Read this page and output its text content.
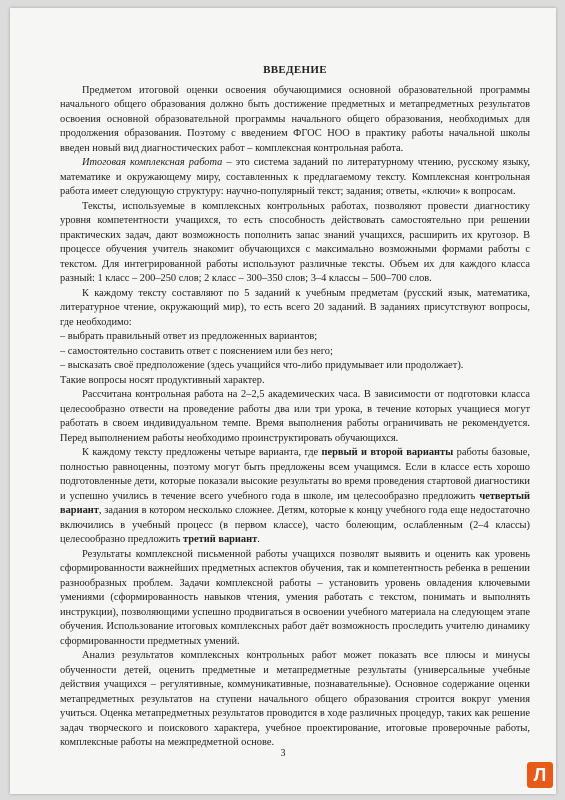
ВВЕДЕНИЕ

Предметом итоговой оценки освоения обучающимися основной образовательной программы начального общего образования должно быть достижение предметных и метапредметных результатов освоения основной образовательной программы начального общего образования, необходимых для продолжения образования. Поэтому с введением ФГОС НОО в практику работы начальной школы введен новый вид диагностических работ – комплексная контрольная работа.

Итоговая комплексная работа – это система заданий по литературному чтению, русскому языку, математике и окружающему миру, составленных к предлагаемому тексту. Комплексная контрольная работа имеет следующую структуру: научно-популярный текст; задания; ответы, «ключи» к вопросам.

Тексты, используемые в комплексных контрольных работах, позволяют провести диагностику уровня компетентности учащихся, то есть способность действовать самостоятельно при решении практических задач, дают возможность пополнить запас знаний учащихся, расширить их кругозор. В процессе обучения учитель знакомит обучающихся с максимально возможными формами работы с текстом. Для интегрированной работы используют различные тексты. Объем их для каждого класса разный: 1 класс – 200–250 слов; 2 класс – 300–350 слов; 3–4 классы – 500–700 слов.

К каждому тексту составляют по 5 заданий к учебным предметам (русский язык, математика, литературное чтение, окружающий мир), то есть всего 20 заданий. В заданиях присутствуют вопросы, где необходимо:

– выбрать правильный ответ из предложенных вариантов;

– самостоятельно составить ответ с пояснением или без него;

– высказать своё предположение (здесь учащийся что-либо придумывает или продолжает).

Такие вопросы носят продуктивный характер.

Рассчитана контрольная работа на 2–2,5 академических часа. В зависимости от подготовки класса целесообразно отвести на проведение работы два или три урока, в течение которых учащиеся могут работать в своем индивидуальном темпе. Время выполнения работы ограничивать не рекомендуется. Перед выполнением работы необходимо проинструктировать обучающихся.

К каждому тексту предложены четыре варианта, где первый и второй варианты работы базовые, полностью равноценны, поэтому могут быть предложены всем учащимся. Если в классе есть хорошо подготовленные дети, которые показали высокие результаты во время проведения стартовой диагностики и успешно учились в течение всего учебного года в школе, им целесообразно предложить четвертый вариант, задания в котором несколько сложнее. Детям, которые к концу учебного года еще недостаточно включились в учебный процесс (в первом классе), часто болеющим, ослабленным (2–4 классы) целесообразно предложить третий вариант.

Результаты комплексной письменной работы учащихся позволят выявить и оценить как уровень сформированности важнейших предметных аспектов обучения, так и компетентность ребенка в решении разнообразных проблем. Задачи комплексной работы – установить уровень овладения ключевыми умениями (сформированность навыков чтения, умения работать с текстом, понимать и выполнять инструкции), позволяющими успешно продвигаться в освоении учебного материала на следующем этапе обучения. Использование итоговых комплексных работ даёт возможность проследить учителю динамику сформированности предметных умений.

Анализ результатов комплексных контрольных работ может показать все плюсы и минусы обученности детей, оценить предметные и метапредметные результаты (универсальные учебные действия учащихся – регулятивные, коммуникативные, познавательные). Основное содержание оценки метапредметных результатов на ступени начального общего образования строится вокруг умения учиться. Оценка метапредметных результатов проводится в ходе различных процедур, таких как решение задач творческого и поискового характера, учебное проектирование, итоговые проверочные работы, комплексные работы на межпредметной основе.

3
Л
